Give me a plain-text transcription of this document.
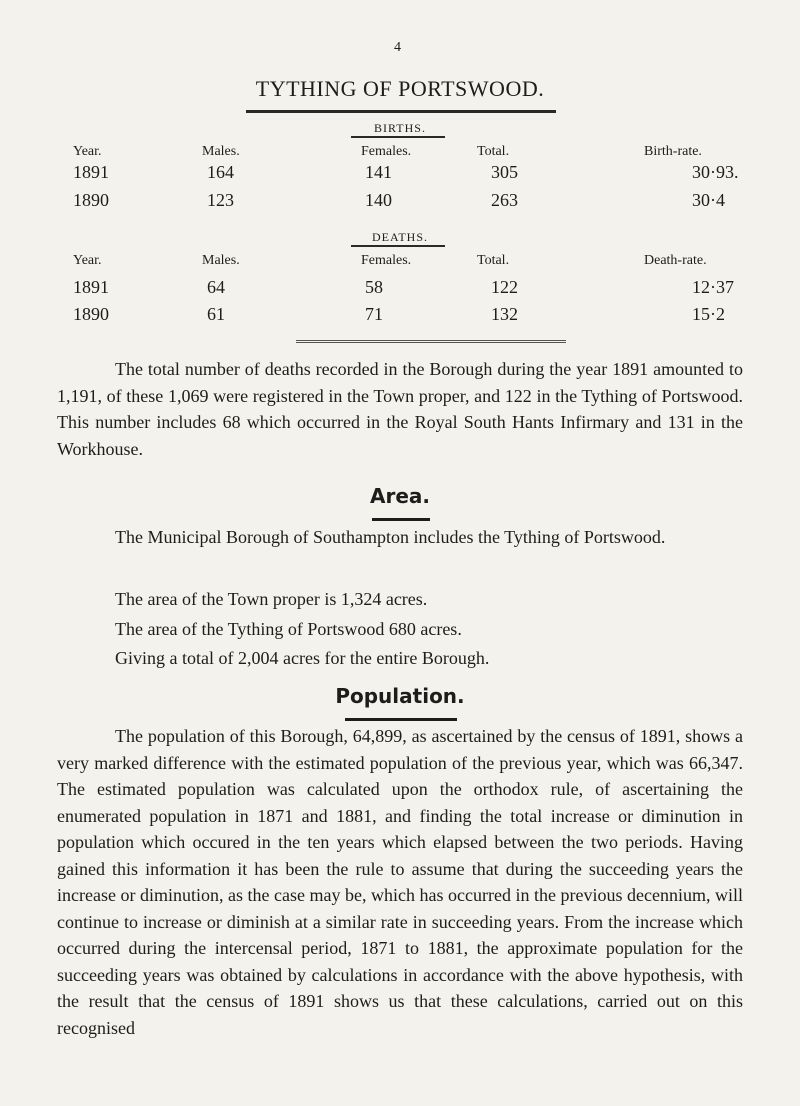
4
TYTHING OF PORTSWOOD.
BIRTHS.
Year.	Males.	Females.	Total.	Birth-rate.
1891	164	141	305	30·93.
1890	123	140	263	30·4
DEATHS.
Year.	Males.	Females.	Total.	Death-rate.
1891	64	58	122	12·37
1890	61	71	132	15·2
The total number of deaths recorded in the Borough during the year 1891 amounted to 1,191, of these 1,069 were registered in the Town proper, and 122 in the Tything of Portswood. This number includes 68 which occurred in the Royal South Hants Infirmary and 131 in the Workhouse.
Area.
The Municipal Borough of Southampton includes the Tything of Portswood.
The area of the Town proper is 1,324 acres.
The area of the Tything of Portswood 680 acres.
Giving a total of 2,004 acres for the entire Borough.
Population.
The population of this Borough, 64,899, as ascertained by the census of 1891, shows a very marked difference with the estimated population of the previous year, which was 66,347. The estimated population was calculated upon the orthodox rule, of ascertaining the enumerated population in 1871 and 1881, and finding the total increase or diminution in population which occured in the ten years which elapsed between the two periods. Having gained this information it has been the rule to assume that during the succeeding years the increase or diminution, as the case may be, which has occurred in the previous decennium, will continue to increase or diminish at a similar rate in succeeding years. From the increase which occurred during the intercensal period, 1871 to 1881, the approximate population for the succeeding years was obtained by calculations in accordance with the above hypothesis, with the result that the census of 1891 shows us that these calculations, carried out on this recognised
